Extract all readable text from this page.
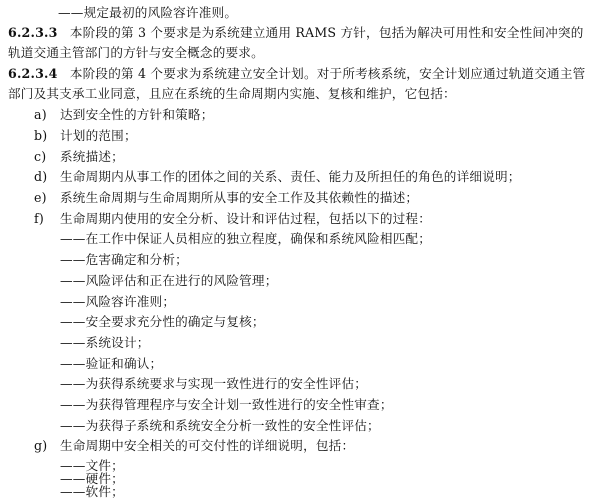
——规定最初的风险容许准则。
6.2.3.3 本阶段的第 3 个要求是为系统建立通用 RAMS 方针，包括为解决可用性和安全性间冲突的
轨道交通主管部门的方针与安全概念的要求。
6.2.3.4 本阶段的第 4 个要求为系统建立安全计划。对于所考核系统，安全计划应通过轨道交通主管
部门及其支承工业同意，且应在系统的生命周期内实施、复核和维护，它包括：
a) 达到安全性的方针和策略；
b) 计划的范围；
c) 系统描述；
d) 生命周期内从事工作的团体之间的关系、责任、能力及所担任的角色的详细说明；
e) 系统生命周期与生命周期所从事的安全工作及其依赖性的描述；
f) 生命周期内使用的安全分析、设计和评估过程，包括以下的过程：
——在工作中保证人员相应的独立程度，确保和系统风险相匹配；
——危害确定和分析；
——风险评估和正在进行的风险管理；
——风险容许准则；
——安全要求充分性的确定与复核；
——系统设计；
——验证和确认；
——为获得系统要求与实现一致性进行的安全性评估；
——为获得管理程序与安全计划一致性进行的安全性审查；
——为获得子系统和系统安全分析一致性的安全性评估；
g) 生命周期中安全相关的可交付性的详细说明，包括：
——文件；
——硬件；
——软件；
